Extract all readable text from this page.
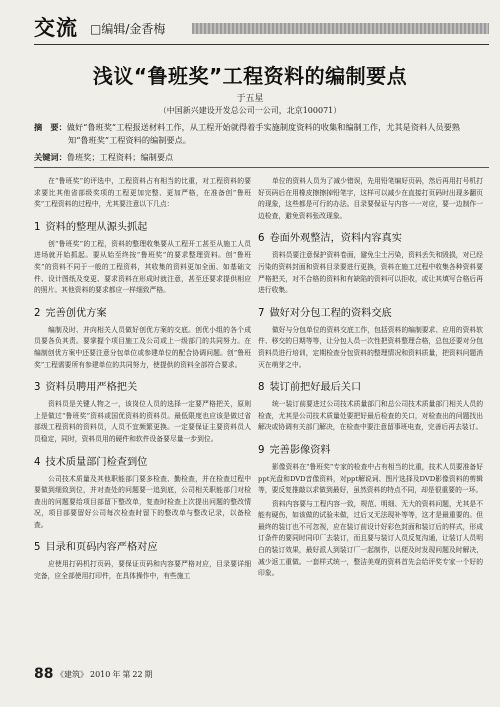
交流 □编辑/金香梅
浅议“鲁班奖”工程资料的编制要点
于五星
（中国新兴建设开发总公司一公司，北京100071）
摘　要：做好“鲁班奖”工程报送材料工作，从工程开始就得着手实施制度资料的收集和编制工作，尤其是资料人员要熟
知“鲁班奖”工程资料的编制要点。
关键词：鲁班奖；工程资料；编制要点

在“鲁班奖”的评选中，工程资料占有相当的比重，对工程资料的要求要比其他省部级奖项的工程更加完整、更加严格，在准备创“鲁班奖”工程资料的过程中，尤其要注意以下几点：

1 资料的整理从源头抓起

创“鲁班奖”的工程，资料的整理收集要从工程开工甚至从施工人员进场就开始抓起。要从始至终按“鲁班奖”的要求整理资料。创“鲁班奖”的资料不同于一般的工程资料，其收集的资料更加全面、如基础文件、设计图纸及变更、要求资料在形成时就注意，甚至还要求提供相应的照片。其他资料的要求都应一样细致严格。

2 完善创优方案

编制及时、并向相关人员做好创优方案的交底。创优小组的各个成员要各负其责。要掌握个项目施工及公司或上一级部门的共同努力。在编制创优方案中还要注意分包单位或参建单位的配合协调问题。创“鲁班奖”工程需要所有参建单位的共同努力，使提供的资料全部符合要求。

3 资料员聘用严格把关

资料员是关键人物之一，该岗位人员的选择一定要严格把关，原则上是做过“鲁班奖”资料或国优资料的资料员。最低限度也应该是做过省部级工程资料的资料员，人员不宜频繁更换。一定要保证主要资料员人员稳定，同时，资料员用的硬件和软件设备要尽量一步到位。

4 技术质量部门检查到位

公司技术质量及其他职能部门要多检查、勤检查，并在检查过程中要做到细致到位，并对查处的问题要一追到底，公司相关职能部门对检查出的问题要给项目部留下整改单，复查时检查上次提出问题的整改情况，项目部要留好公司每次检查时留下的整改单与整改记录，以备检查。

5 目录和页码内容严格对应

应使用打码机打页码，要保证页码和内容要严格对应，目录要详细完备，应全部使用打印件，在具体操作中，有些施工

单位的资料人员为了减少错误，先用铅笔编好页码，然后再用打号机打好页码后在用橡皮擦擦掉铅笔字，这样可以减少在直接打页码时出现多翻页的现象，这些都是可行的办法。目录要保证与内容一一对应，要一边制作一边检查，避免资料张改现象。

6 卷面外观整洁，资料内容真实

资料员要注意保护资料卷面，避免尘土污染，资料丢失和毁损，对已经污染的资料封面和资料目录要进行更换，资料在施工过程中收集各种资料要严格把关，对不合格的资料和有缺陷的资料可以拒收，或让其填写合格后再进行收集。

7 做好对分包工程的资料交底

做好与分包单位的资料交底工作，包括资料的编制要求、应用的资料软件、移交的日期等等，让分包人员一次性把资料整理合格，总包还要对分包资料员进行培训，定期检查分包资料的整理情况和资料质量，把资料问题消灭在萌芽之中。

8 装订前把好最后关口

统一装订前要进过公司技术质量部门和总公司技术质量部门相关人员的检查，尤其是公司技术质量处要把好最后检查的关口，对检查出的问题找出解决或协调有关部门解决，在检查中要注意留事班电查，完善后再去装订。

9 完善影像资料

影像资料在“鲁班奖”专家的检查中占有相当的比重，技术人员要准备好ppt光盘和DVD音像资料，对ppt解说词、图片选择及DVD影像资料的剪辑等，要反复推敲以求做到最好，虽然资料的特点不同，却是很重要的一环。

资料内容要与工程内容一致，规范、明细、无大的资料问题，尤其是不能有硬伤，如该做的试验未做，过后又无法现补等等，这才是最重要的。但最终的装订也不可忽视，应在装订前设计好彩色封面和装订后的样式，形成订条件的要同时同印厂去装订，而且要与装订人员反复沟通，让装订人员明白的装订效果，最好派人到装订厂一起制作，以便及时发现问题及时解决，减少返工重做。一套样式统一，整洁美观的资料首先会给评奖专家一个好的印象。

88 《建筑》 2010 年 第 22 期
